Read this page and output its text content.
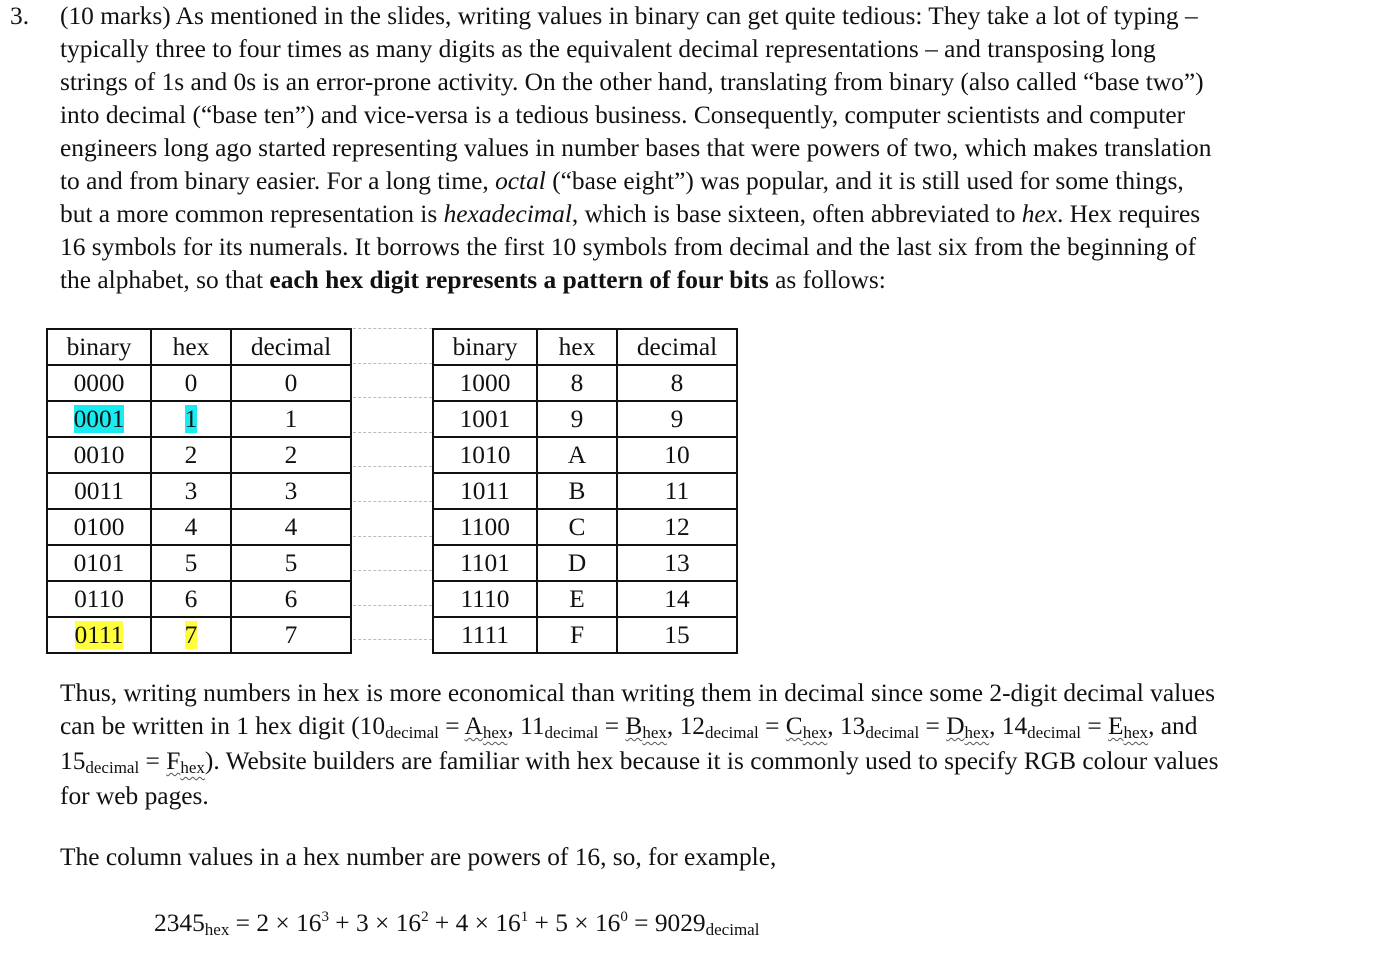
3. (10 marks) As mentioned in the slides, writing values in binary can get quite tedious: They take a lot of typing –
typically three to four times as many digits as the equivalent decimal representations – and transposing long
strings of 1s and 0s is an error-prone activity. On the other hand, translating from binary (also called “base two”)
into decimal (“base ten”) and vice-versa is a tedious business. Consequently, computer scientists and computer
engineers long ago started representing values in number bases that were powers of two, which makes translation
to and from binary easier. For a long time, octal (“base eight”) was popular, and it is still used for some things,
but a more common representation is hexadecimal, which is base sixteen, often abbreviated to hex. Hex requires
16 symbols for its numerals. It borrows the first 10 symbols from decimal and the last six from the beginning of
the alphabet, so that each hex digit represents a pattern of four bits as follows:
binary	hex	decimal
0000	0	0
0001	1	1
0010	2	2
0011	3	3
0100	4	4
0101	5	5
0110	6	6
0111	7	7
binary	hex	decimal
1000	8	8
1001	9	9
1010	A	10
1011	B	11
1100	C	12
1101	D	13
1110	E	14
1111	F	15
Thus, writing numbers in hex is more economical than writing them in decimal since some 2-digit decimal values
can be written in 1 hex digit (10decimal = Ahex, 11decimal = Bhex, 12decimal = Chex, 13decimal = Dhex, 14decimal = Ehex, and
15decimal = Fhex). Website builders are familiar with hex because it is commonly used to specify RGB colour values
for web pages.
The column values in a hex number are powers of 16, so, for example,
$2345hex = 2 \times 16^3 + 3 \times 16^2 + 4 \times 16^1 + 5 \times 16^0$ = 9029decimal
